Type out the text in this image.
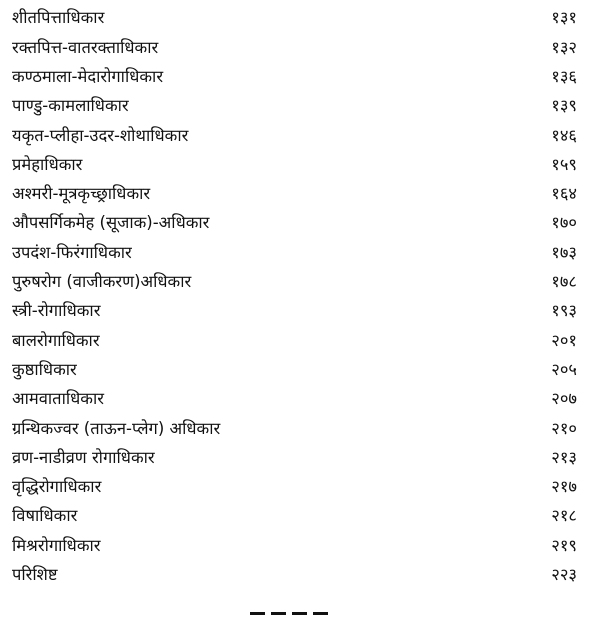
शीतपित्ताधिकार	१३१
रक्तपित्त-वातरक्ताधिकार	१३२
कण्ठमाला-मेदारोगाधिकार	१३६
पाण्डु-कामलाधिकार	१३९
यकृत-प्लीहा-उदर-शोथाधिकार	१४६
प्रमेहाधिकार	१५९
अश्मरी-मूत्रकृच्छ्राधिकार	१६४
औपसर्गिकमेह (सूजाक)-अधिकार	१७०
उपदंश-फिरंगाधिकार	१७३
पुरुषरोग (वाजीकरण)अधिकार	१७८
स्त्री-रोगाधिकार	१९३
बालरोगाधिकार	२०१
कुष्ठाधिकार	२०५
आमवाताधिकार	२०७
ग्रन्थिकज्वर (ताऊन-प्लेग) अधिकार	२१०
व्रण-नाडीव्रण रोगाधिकार	२१३
वृद्धिरोगाधिकार	२१७
विषाधिकार	२१८
मिश्ररोगाधिकार	२१९
परिशिष्ट	२२३
